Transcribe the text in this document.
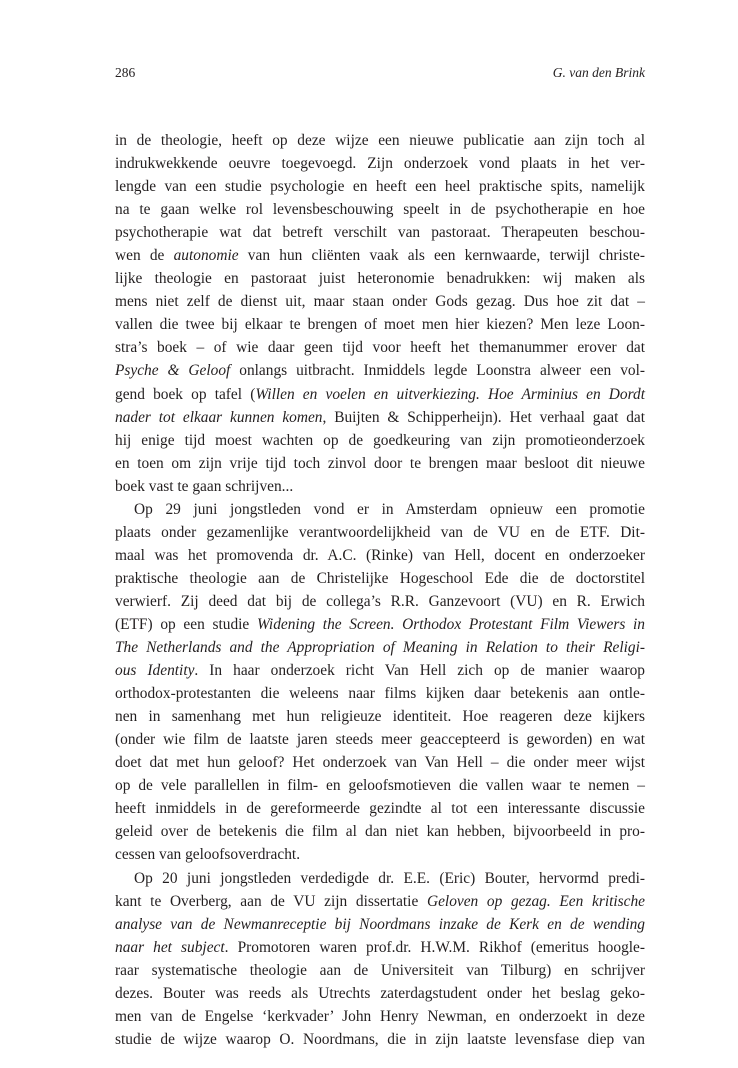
286	G. van den Brink
in de theologie, heeft op deze wijze een nieuwe publicatie aan zijn toch al
indrukwekkende oeuvre toegevoegd. Zijn onderzoek vond plaats in het ver-
lengde van een studie psychologie en heeft een heel praktische spits, namelijk
na te gaan welke rol levensbeschouwing speelt in de psychotherapie en hoe
psychotherapie wat dat betreft verschilt van pastoraat. Therapeuten beschou-
wen de autonomie van hun cliënten vaak als een kernwaarde, terwijl christe-
lijke theologie en pastoraat juist heteronomie benadrukken: wij maken als
mens niet zelf de dienst uit, maar staan onder Gods gezag. Dus hoe zit dat –
vallen die twee bij elkaar te brengen of moet men hier kiezen? Men leze Loon-
stra’s boek – of wie daar geen tijd voor heeft het themanummer erover dat
Psyche & Geloof onlangs uitbracht. Inmiddels legde Loonstra alweer een vol-
gend boek op tafel (Willen en voelen en uitverkiezing. Hoe Arminius en Dordt
nader tot elkaar kunnen komen, Buijten & Schipperheijn). Het verhaal gaat dat
hij enige tijd moest wachten op de goedkeuring van zijn promotieonderzoek
en toen om zijn vrije tijd toch zinvol door te brengen maar besloot dit nieuwe
boek vast te gaan schrijven...
Op 29 juni jongstleden vond er in Amsterdam opnieuw een promotie
plaats onder gezamenlijke verantwoordelijkheid van de VU en de ETF. Dit-
maal was het promovenda dr. A.C. (Rinke) van Hell, docent en onderzoeker
praktische theologie aan de Christelijke Hogeschool Ede die de doctorstitel
verwierf. Zij deed dat bij de collega’s R.R. Ganzevoort (VU) en R. Erwich
(ETF) op een studie Widening the Screen. Orthodox Protestant Film Viewers in
The Netherlands and the Appropriation of Meaning in Relation to their Religi-
ous Identity. In haar onderzoek richt Van Hell zich op de manier waarop
orthodox-protestanten die weleens naar films kijken daar betekenis aan ontle-
nen in samenhang met hun religieuze identiteit. Hoe reageren deze kijkers
(onder wie film de laatste jaren steeds meer geaccepteerd is geworden) en wat
doet dat met hun geloof? Het onderzoek van Van Hell – die onder meer wijst
op de vele parallellen in film- en geloofsmotieven die vallen waar te nemen –
heeft inmiddels in de gereformeerde gezindte al tot een interessante discussie
geleid over de betekenis die film al dan niet kan hebben, bijvoorbeeld in pro-
cessen van geloofsoverdracht.
Op 20 juni jongstleden verdedigde dr. E.E. (Eric) Bouter, hervormd predi-
kant te Overberg, aan de VU zijn dissertatie Geloven op gezag. Een kritische
analyse van de Newmanreceptie bij Noordmans inzake de Kerk en de wending
naar het subject. Promotoren waren prof.dr. H.W.M. Rikhof (emeritus hoogle-
raar systematische theologie aan de Universiteit van Tilburg) en schrijver
dezes. Bouter was reeds als Utrechts zaterdagstudent onder het beslag geko-
men van de Engelse ‘kerkvader’ John Henry Newman, en onderzoekt in deze
studie de wijze waarop O. Noordmans, die in zijn laatste levensfase diep van
